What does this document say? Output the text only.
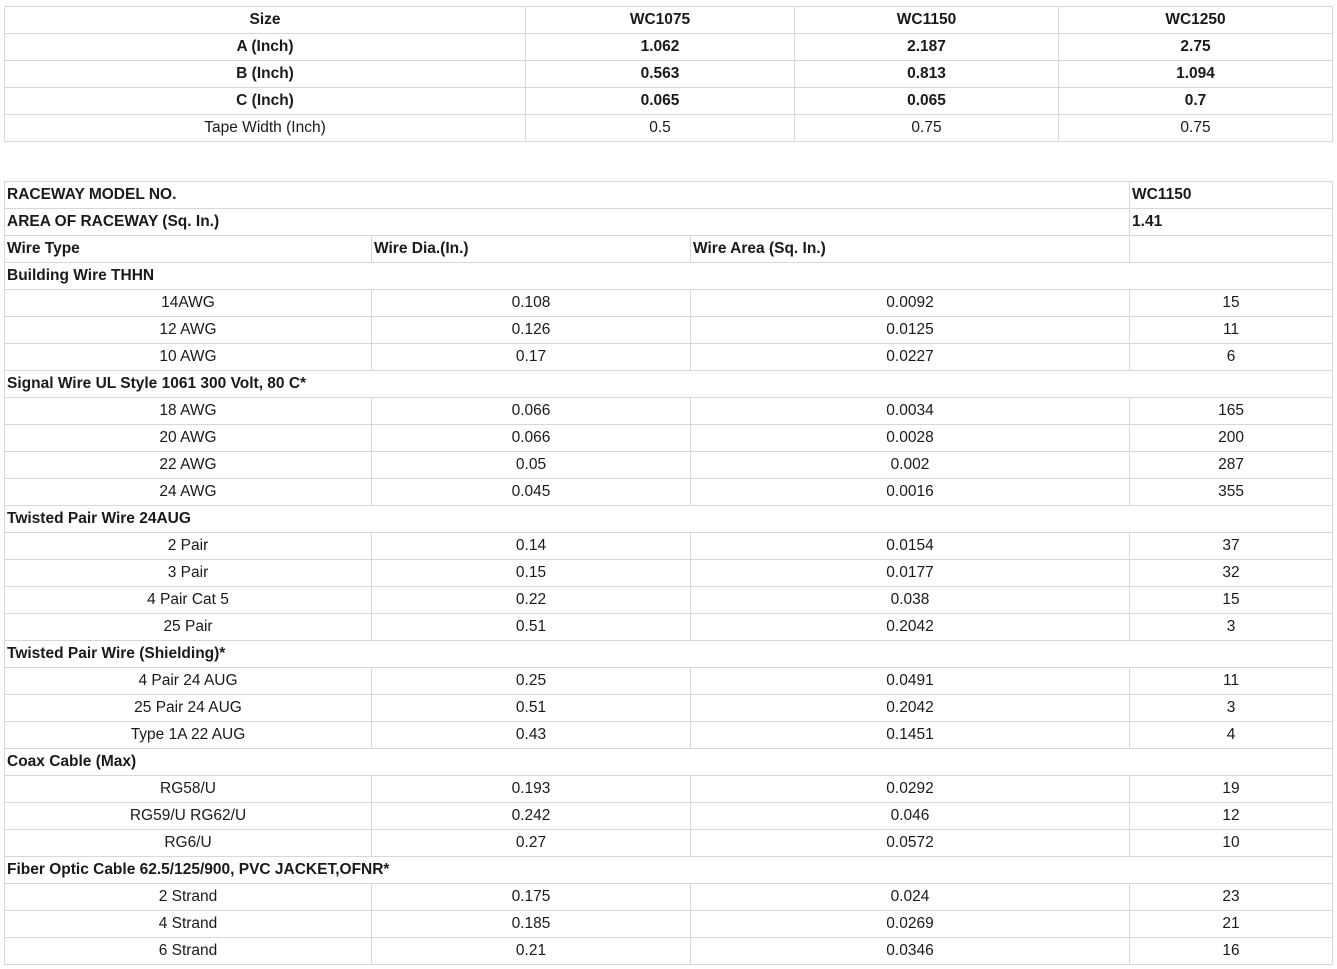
Size	WC1075	WC1150	WC1250
A (Inch)	1.062	2.187	2.75
B (Inch)	0.563	0.813	1.094
C (Inch)	0.065	0.065	0.7
Tape Width (Inch)	0.5	0.75	0.75
RACEWAY MODEL NO.			WC1150
AREA OF RACEWAY (Sq. In.)			1.41
Wire Type	Wire Dia.(In.)	Wire Area (Sq. In.)	
Building Wire THHN			
14AWG	0.108	0.0092	15
12 AWG	0.126	0.0125	11
10 AWG	0.17	0.0227	6
Signal Wire UL Style 1061 300 Volt, 80 C*			
18 AWG	0.066	0.0034	165
20 AWG	0.066	0.0028	200
22 AWG	0.05	0.002	287
24 AWG	0.045	0.0016	355
Twisted Pair Wire 24AUG			
2 Pair	0.14	0.0154	37
3 Pair	0.15	0.0177	32
4 Pair Cat 5	0.22	0.038	15
25 Pair	0.51	0.2042	3
Twisted Pair Wire (Shielding)*			
4 Pair 24 AUG	0.25	0.0491	11
25 Pair 24 AUG	0.51	0.2042	3
Type 1A 22 AUG	0.43	0.1451	4
Coax Cable (Max)			
RG58/U	0.193	0.0292	19
RG59/U RG62/U	0.242	0.046	12
RG6/U	0.27	0.0572	10
Fiber Optic Cable 62.5/125/900, PVC JACKET,OFNR*			
2 Strand	0.175	0.024	23
4 Strand	0.185	0.0269	21
6 Strand	0.21	0.0346	16
